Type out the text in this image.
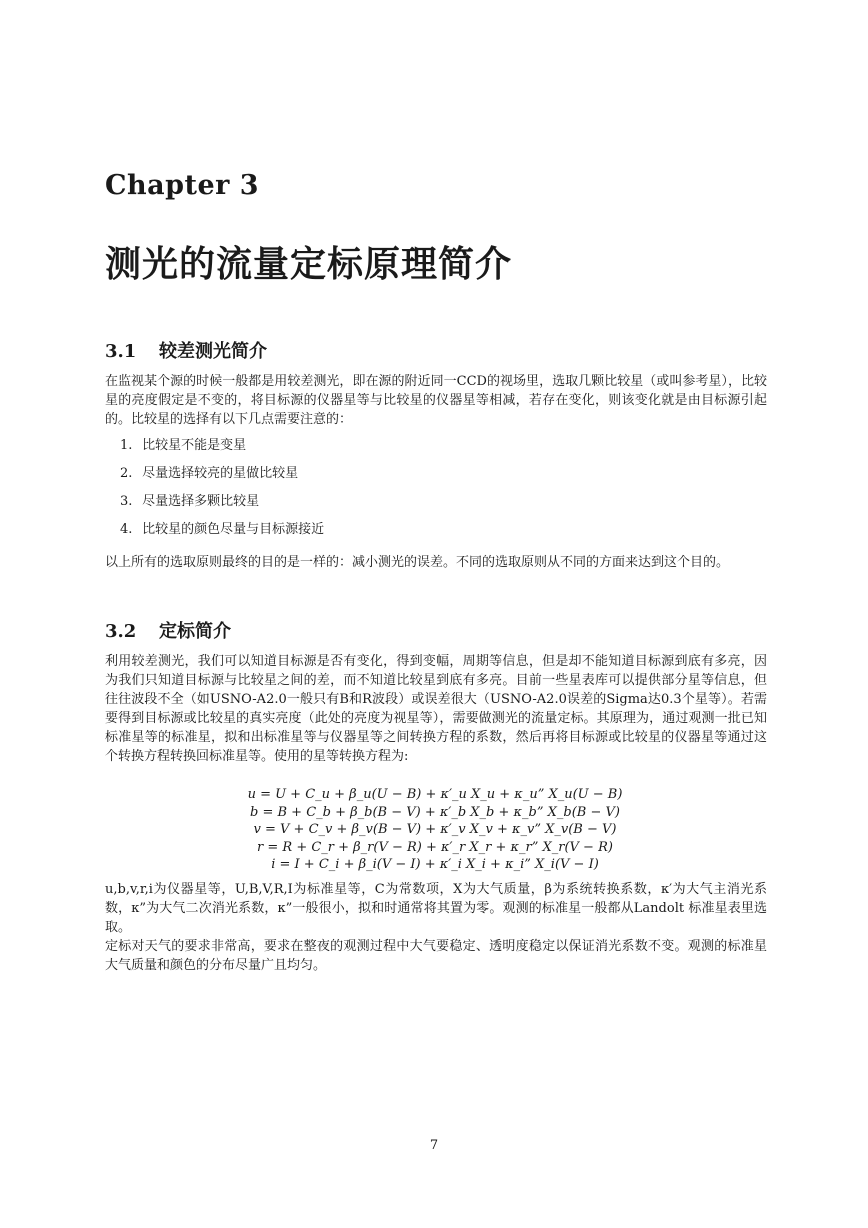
Chapter 3
测光的流量定标原理简介
3.1 较差测光简介
在监视某个源的时候一般都是用较差测光，即在源的附近同一CCD的视场里，选取几颗比较星（或叫参考星），比较星的亮度假定是不变的，将目标源的仪器星等与比较星的仪器星等相减，若存在变化，则该变化就是由目标源引起的。比较星的选择有以下几点需要注意的：
1. 比较星不能是变星
2. 尽量选择较亮的星做比较星
3. 尽量选择多颗比较星
4. 比较星的颜色尽量与目标源接近
以上所有的选取原则最终的目的是一样的：减小测光的误差。不同的选取原则从不同的方面来达到这个目的。
3.2 定标简介
利用较差测光，我们可以知道目标源是否有变化，得到变幅，周期等信息，但是却不能知道目标源到底有多亮，因为我们只知道目标源与比较星之间的差，而不知道比较星到底有多亮。目前一些星表库可以提供部分星等信息，但往往波段不全（如USNO-A2.0一般只有B和R波段）或误差很大（USNO-A2.0误差的Sigma达0.3个星等）。若需要得到目标源或比较星的真实亮度（此处的亮度为视星等），需要做测光的流量定标。其原理为，通过观测一批已知标准星等的标准星，拟和出标准星等与仪器星等之间转换方程的系数，然后再将目标源或比较星的仪器星等通过这个转换方程转换回标准星等。使用的星等转换方程为:
u = U + C_u + β_u(U − B) + κ′_u X_u + κ_u” X_u(U − B)
b = B + C_b + β_b(B − V) + κ′_b X_b + κ_b” X_b(B − V)
v = V + C_v + β_v(B − V) + κ′_v X_v + κ_v” X_v(B − V)
r = R + C_r + β_r(V − R) + κ′_r X_r + κ_r” X_r(V − R)
i = I + C_i + β_i(V − I) + κ′_i X_i + κ_i” X_i(V − I)
u,b,v,r,i为仪器星等，U,B,V,R,I为标准星等，C为常数项，X为大气质量，β为系统转换系数，κ′为大气主消光系数，κ”为大气二次消光系数，κ”一般很小，拟和时通常将其置为零。观测的标准星一般都从Landolt 标准星表里选取。
定标对天气的要求非常高，要求在整夜的观测过程中大气要稳定、透明度稳定以保证消光系数不变。观测的标准星大气质量和颜色的分布尽量广且均匀。
7
